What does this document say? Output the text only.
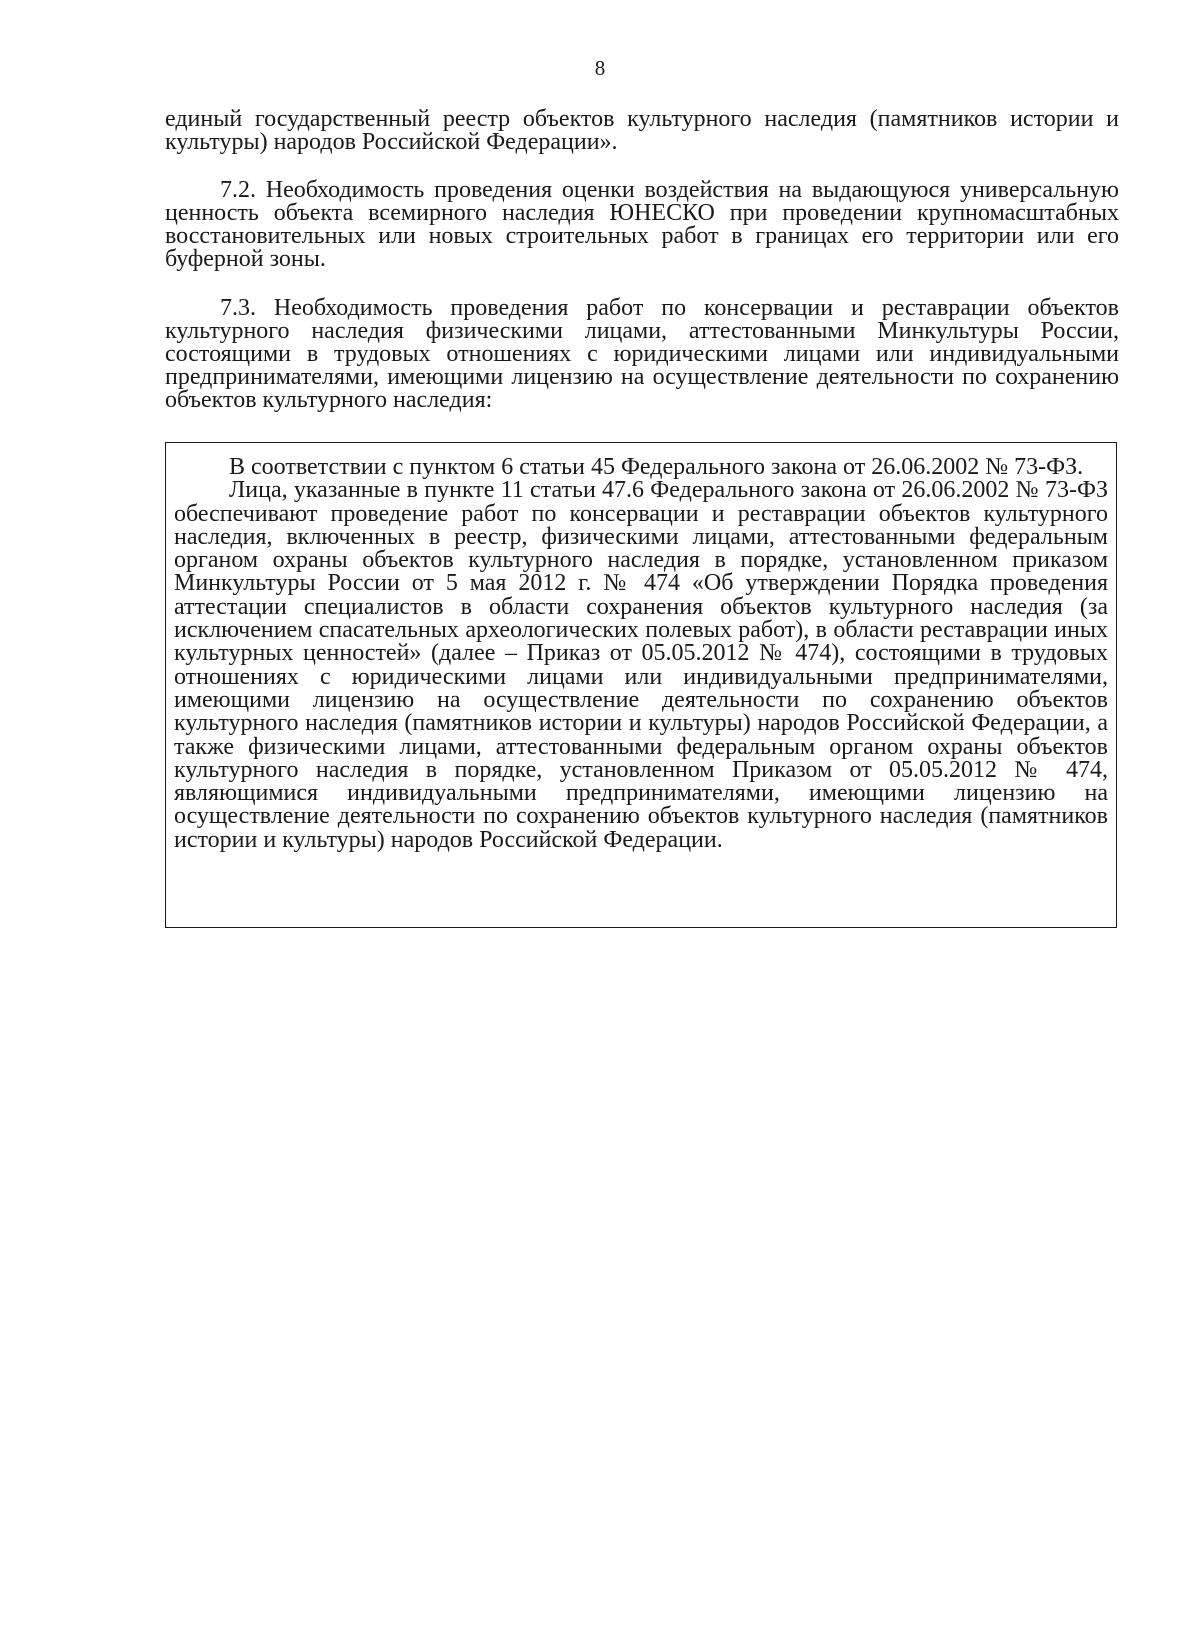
8

единый государственный реестр объектов культурного наследия (памятников истории и культуры) народов Российской Федерации».

7.2. Необходимость проведения оценки воздействия на выдающуюся универсальную ценность объекта всемирного наследия ЮНЕСКО при проведении крупномасштабных восстановительных или новых строительных работ в границах его территории или его буферной зоны.

7.3. Необходимость проведения работ по консервации и реставрации объектов культурного наследия физическими лицами, аттестованными Минкультуры России, состоящими в трудовых отношениях с юридическими лицами или индивидуальными предпринимателями, имеющими лицензию на осуществление деятельности по сохранению объектов культурного наследия:

В соответствии с пунктом 6 статьи 45 Федерального закона от 26.06.2002 № 73-ФЗ.

Лица, указанные в пункте 11 статьи 47.6 Федерального закона от 26.06.2002 № 73-ФЗ обеспечивают проведение работ по консервации и реставрации объектов культурного наследия, включенных в реестр, физическими лицами, аттестованными федеральным органом охраны объектов культурного наследия в порядке, установленном приказом Минкультуры России от 5 мая 2012 г. № 474 «Об утверждении Порядка проведения аттестации специалистов в области сохранения объектов культурного наследия (за исключением спасательных археологических полевых работ), в области реставрации иных культурных ценностей» (далее – Приказ от 05.05.2012 № 474), состоящими в трудовых отношениях с юридическими лицами или индивидуальными предпринимателями, имеющими лицензию на осуществление деятельности по сохранению объектов культурного наследия (памятников истории и культуры) народов Российской Федерации, а также физическими лицами, аттестованными федеральным органом охраны объектов культурного наследия в порядке, установленном Приказом от 05.05.2012 № 474, являющимися индивидуальными предпринимателями, имеющими лицензию на осуществление деятельности по сохранению объектов культурного наследия (памятников истории и культуры) народов Российской Федерации.
